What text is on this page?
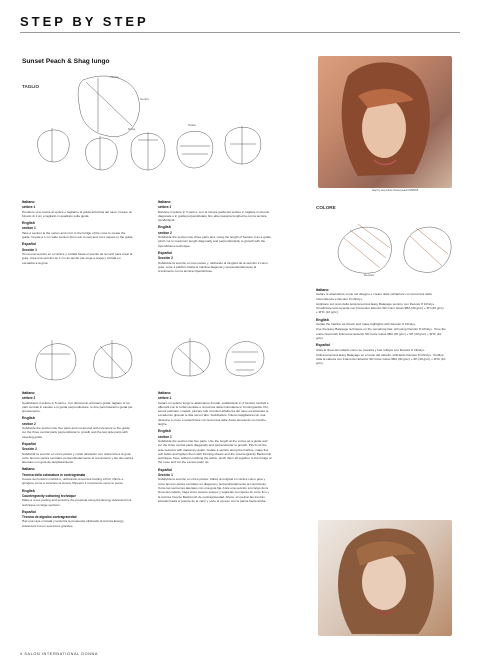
STEP BY STEP
Sunset Peach & Shag lungo
TAGLIO
Vertice
Centro
Nuca
Scala
Step by step colore Sunset peach PRMVLB
COLORE
Decolor
Italiano
settore 1
Prendere una ciocca al vertice e tagliarne la guida all'incirca del naso. Creare un binario di 1 cm e tagliarlo in quadrato sulla guida.
English
section 1
Take a section at the vertex and cut it to the bridge of the nose to create the guide. Create a 1 cm wide section (from ear to ear) and cut it square to the guide.
Español
Sección 1
Toma una sección en el vértice y córtala hasta el puente de la nariz para crear la guía. Crea una sección de 1 cm de ancho (de oreja a oreja) y córtala en escuadra a la guía.
Italiano
settore 2
Dividere il settore in 3 parti e, con la misura guida del settore 2, tagliare in piccolo diagonale e in guida perpendicolare fino alla massima lunghezza con la tecnica Apri&Chiudi.
English
section 2
Subdivide the section into three parts and, using the length of Section 2 as a guide, pinch cut to maximum length diagonally and perpendicularly to growth with the Open&Close technique.
Español
Sección 2
Subdivide la sección en tres partes y, utilizando la longitud de la sección 2 como guía, corte a pellizco hasta la máxima diagonal y perpendicularmente al crecimiento con la técnica Open&Close.
Italiano
settore 2
Suddividere il settore in 5 parti e, con riferimento al binario guida, tagliare le tre parti centrali in elevato e in guida perpendicolare, le due parti laterali in guida per spostamento.
English
section 2
Subdivide the section into five parts and cut around with reference to the guide: cut the three central parts perpendicular to growth and the two side parts with traveling guide.
Español
Sección 2
Subdividir la sección en cinco partes y cortar alrededor con referencia a la guía: corte las tres partes centrales perpendicularmente al crecimiento y las dos partes laterales con guía de desplazamiento.
Italiano
Tecnica della cotonatura in controgranata
Creare dei fondoni morbidi e, utilizzando la tecnica Cutting a Pull, rifinire e spingere come a cotonare la ciocca. Ripetere il movimento verso le punte.
English
Countergravity cottoning technique
Make a cross parting and texturize the proposal using the Energy Advanced Cut technique on large sections.
Español
Técnica de algodón contragravedad
Haz una raya cruzada y texturiza la propuesta utilizando la técnica Energy Advanced Cut en secciones grandes.
Italiano
settore 1
Isolare un settore lungo le attaccature frontali, suddividerlo in 3 fondoni morbidi e afferrarli con le forbici dentate e la tecnica della Cotonatura in Controgranita. Poi, senza pettinare i capelli, pinzare tutti i fondoni all'altezza del naso ed eliminare le eccedenze girando le dita verso l'alto. Suddividere l'intera capigliatura con una divisione a croce e testurizzare con la tecnica delle Asole lavorando su ciocche larghe.
English
section 1
Subdivide the section into five parts. Use the length at the vertex as a guide and cut the three central parts diagonally and perpendicular to growth. Pinch cut the side sections with stationary guide. Isolate a section along the hairline, make five soft twists and tighten them with thinning shears and the Countergravity Backcomb technique. Now, without combing the twists, pinch them all together to the bridge of the nose and cut the excess palm up.
Español
Sección 1
Subdivida la sección en cinco partes. Utilice la longitud en vértice como guía y corte las tres partes centrales en diagonal y perpendicularmente al crecimiento. Corte las secciones laterales con una guía fija. Aísle una sección a lo largo de la línea del cabello, haga cinco suaves suaves y sujételas con tijeras de corte fino y la técnica Inverse Backcomb de contragravedad. Ahora, sin peinar las trenzas, júntelas hasta el puente de la nariz y corte el exceso con la palma hacia arriba.
Italiano
Isolare le attaccature come nel disegno e creare delle schiariture con la tecnica della Intermittenza e Decolor 8 Infinity+.
Applicare sul resto della testa la tecnica Easy Balayage sempre con Decolor 8 Infinity+. Tonalizzare tutto la testa con Framcolor Eclectic SD Color Gloss 9BA (30 g/cc) + 9H (30 g/cc) + 9HC (10 g/cc).
English
Isolate the hairline as shown and make highlights with Decolor 8 Infinity+.
Use the Easy Balayage technique on the remaining hair, still using Decolor 8 Infinity+. Tone the entire head with Framcolor Eclectic SD Color Gloss 9BA (30 g/cc) + 9H (30 g/cc) + 9HC (10 g/cc).
Español
Aísla la línea del cabello como se muestra y haz reflejos con Decolor 8 Infinity+.
Utiliza la técnica Easy Balayage en el resto del cabello, utilizando Decolor 8 Infinity+. Tonifica toda la cabeza con Framcolor Eclectic SD Color Gloss 9BA (30 g/cc) + 9H (30 g/cc) + 9HC (10 g/cc).
4 SALON INTERNATIONAL DONNA
